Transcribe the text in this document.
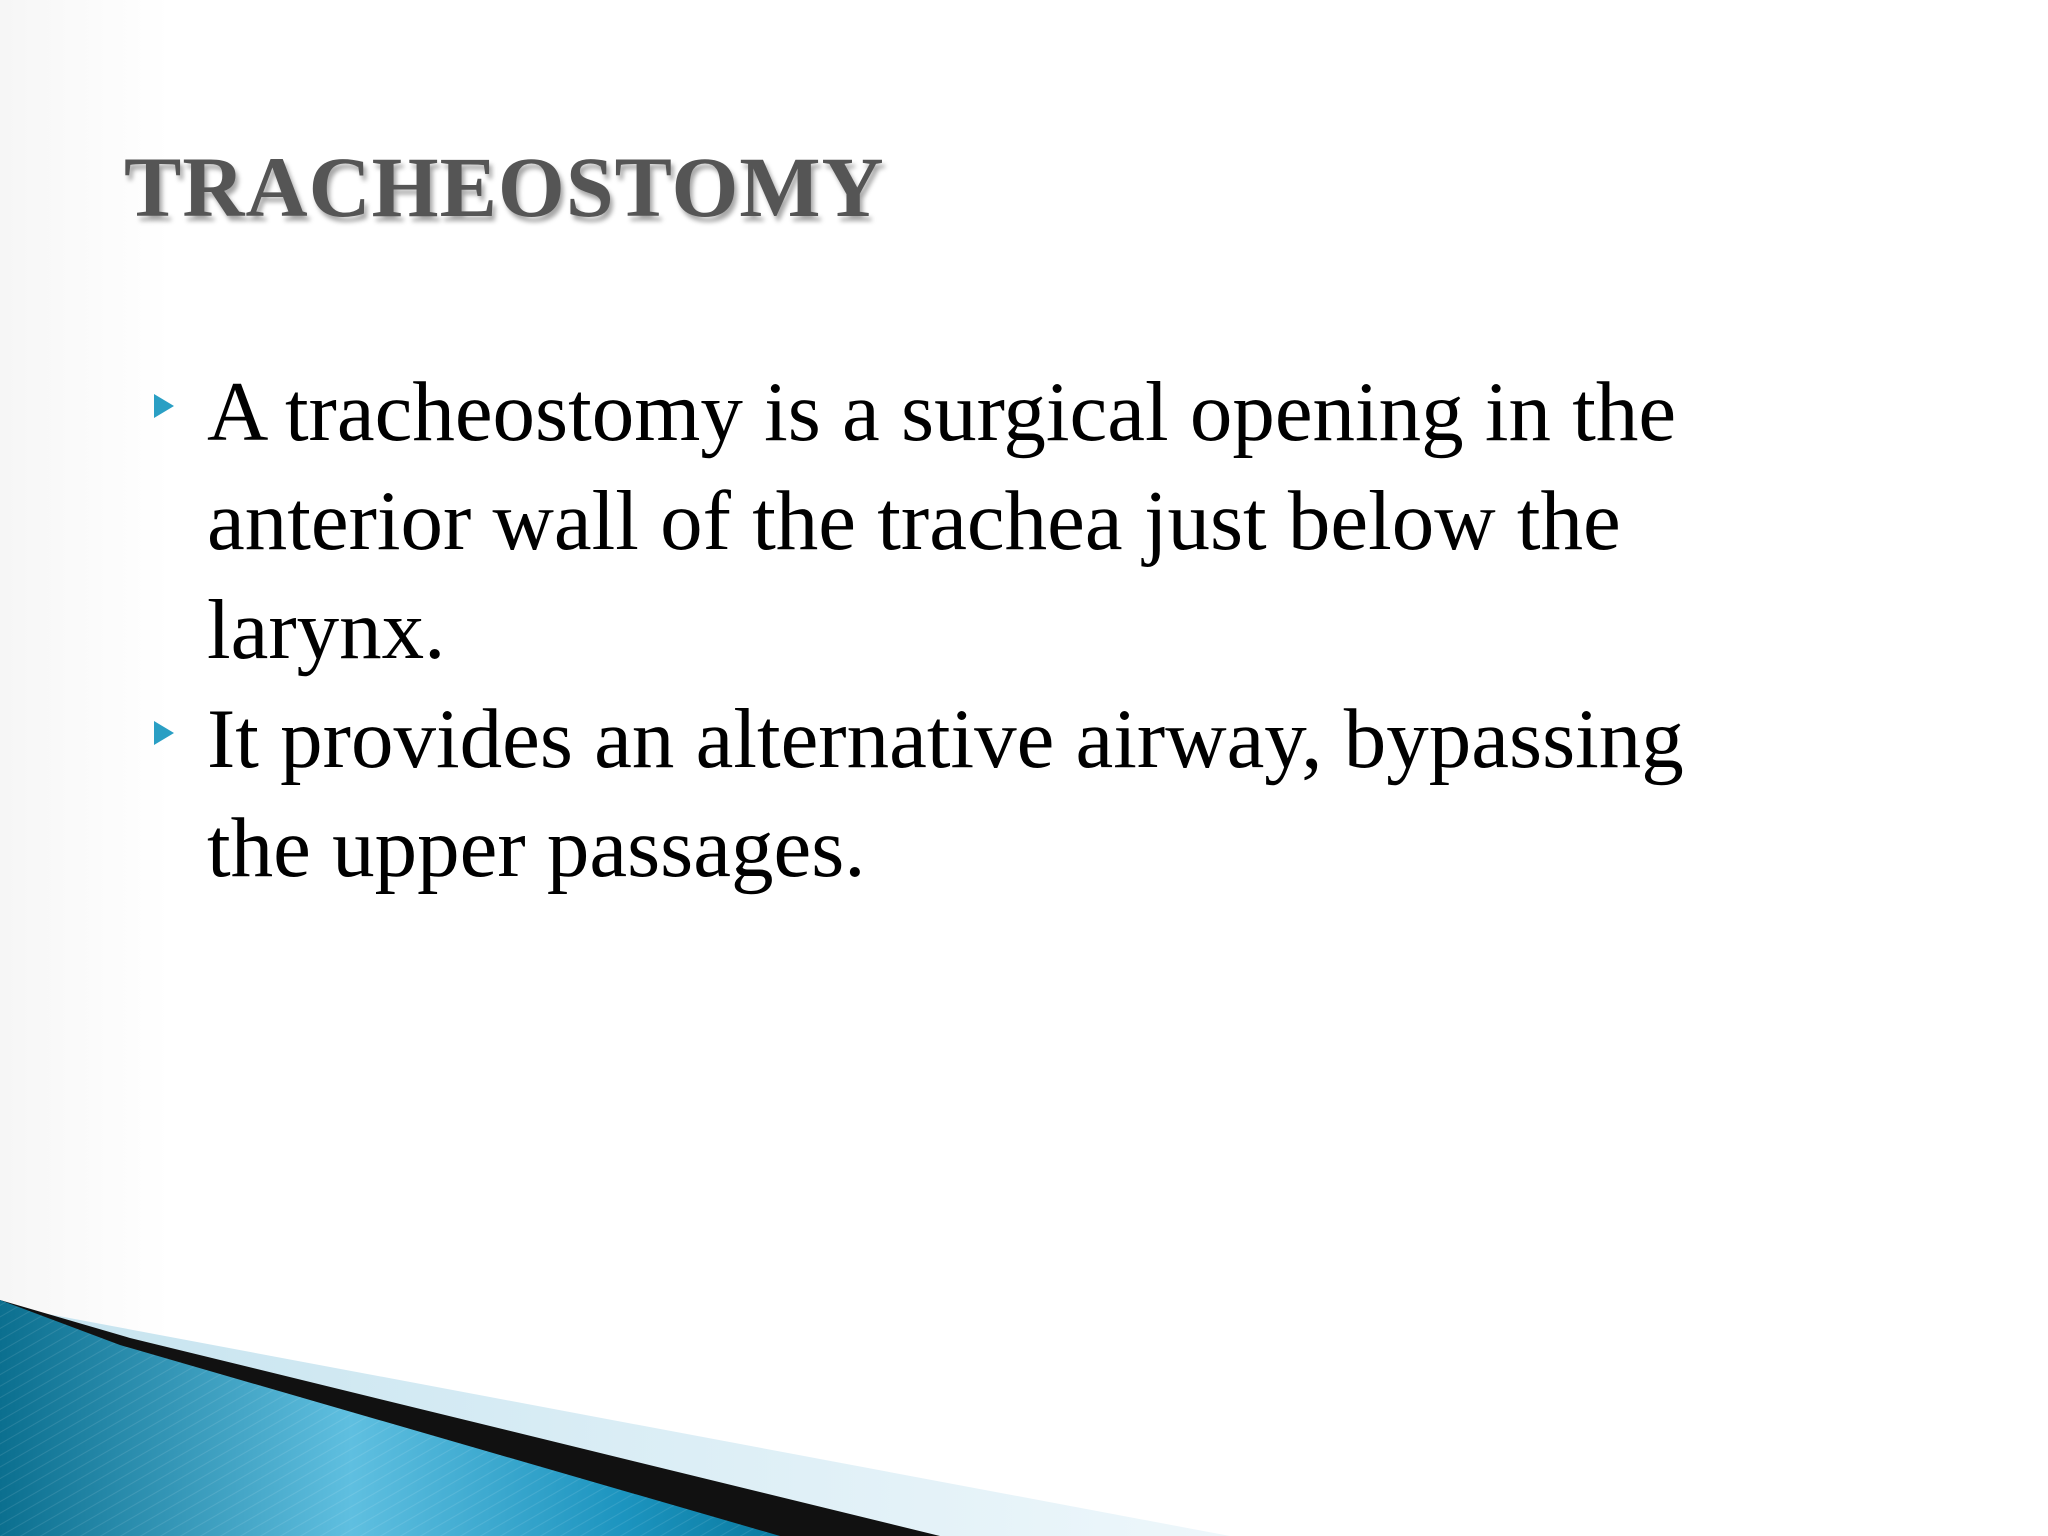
TRACHEOSTOMY
A tracheostomy is a surgical opening in the anterior wall of the trachea just below the larynx.
It provides an alternative airway, bypassing the upper passages.
